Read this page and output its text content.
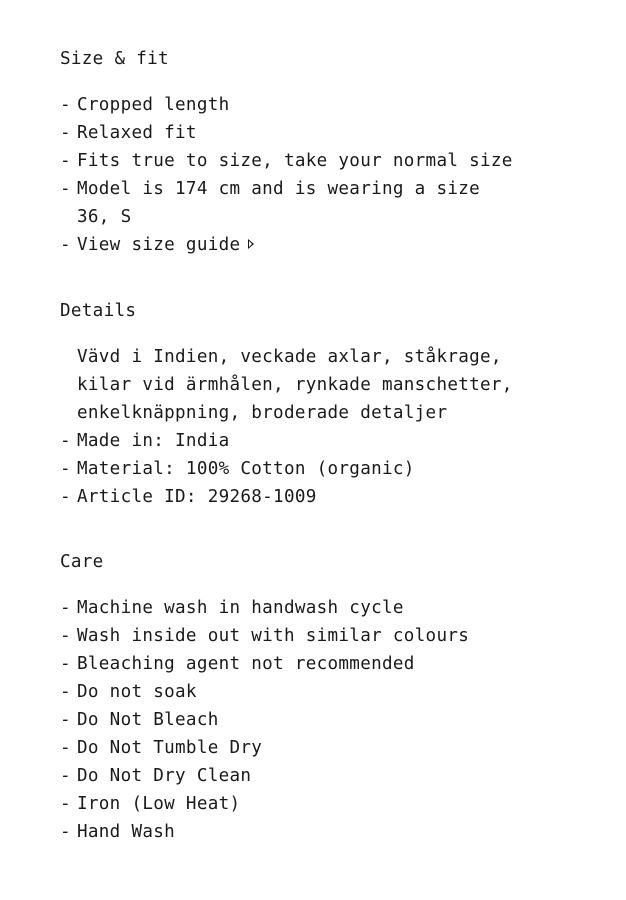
Size & fit
- Cropped length
- Relaxed fit
- Fits true to size, take your normal size
- Model is 174 cm and is wearing a size
36, S
- View size guide
Details
Vävd i Indien, veckade axlar, ståkrage,
kilar vid ärmhålen, rynkade manschetter,
enkelknäppning, broderade detaljer
- Made in: India
- Material: 100% Cotton (organic)
- Article ID: 29268-1009
Care
- Machine wash in handwash cycle
- Wash inside out with similar colours
- Bleaching agent not recommended
- Do not soak
- Do Not Bleach
- Do Not Tumble Dry
- Do Not Dry Clean
- Iron (Low Heat)
- Hand Wash
